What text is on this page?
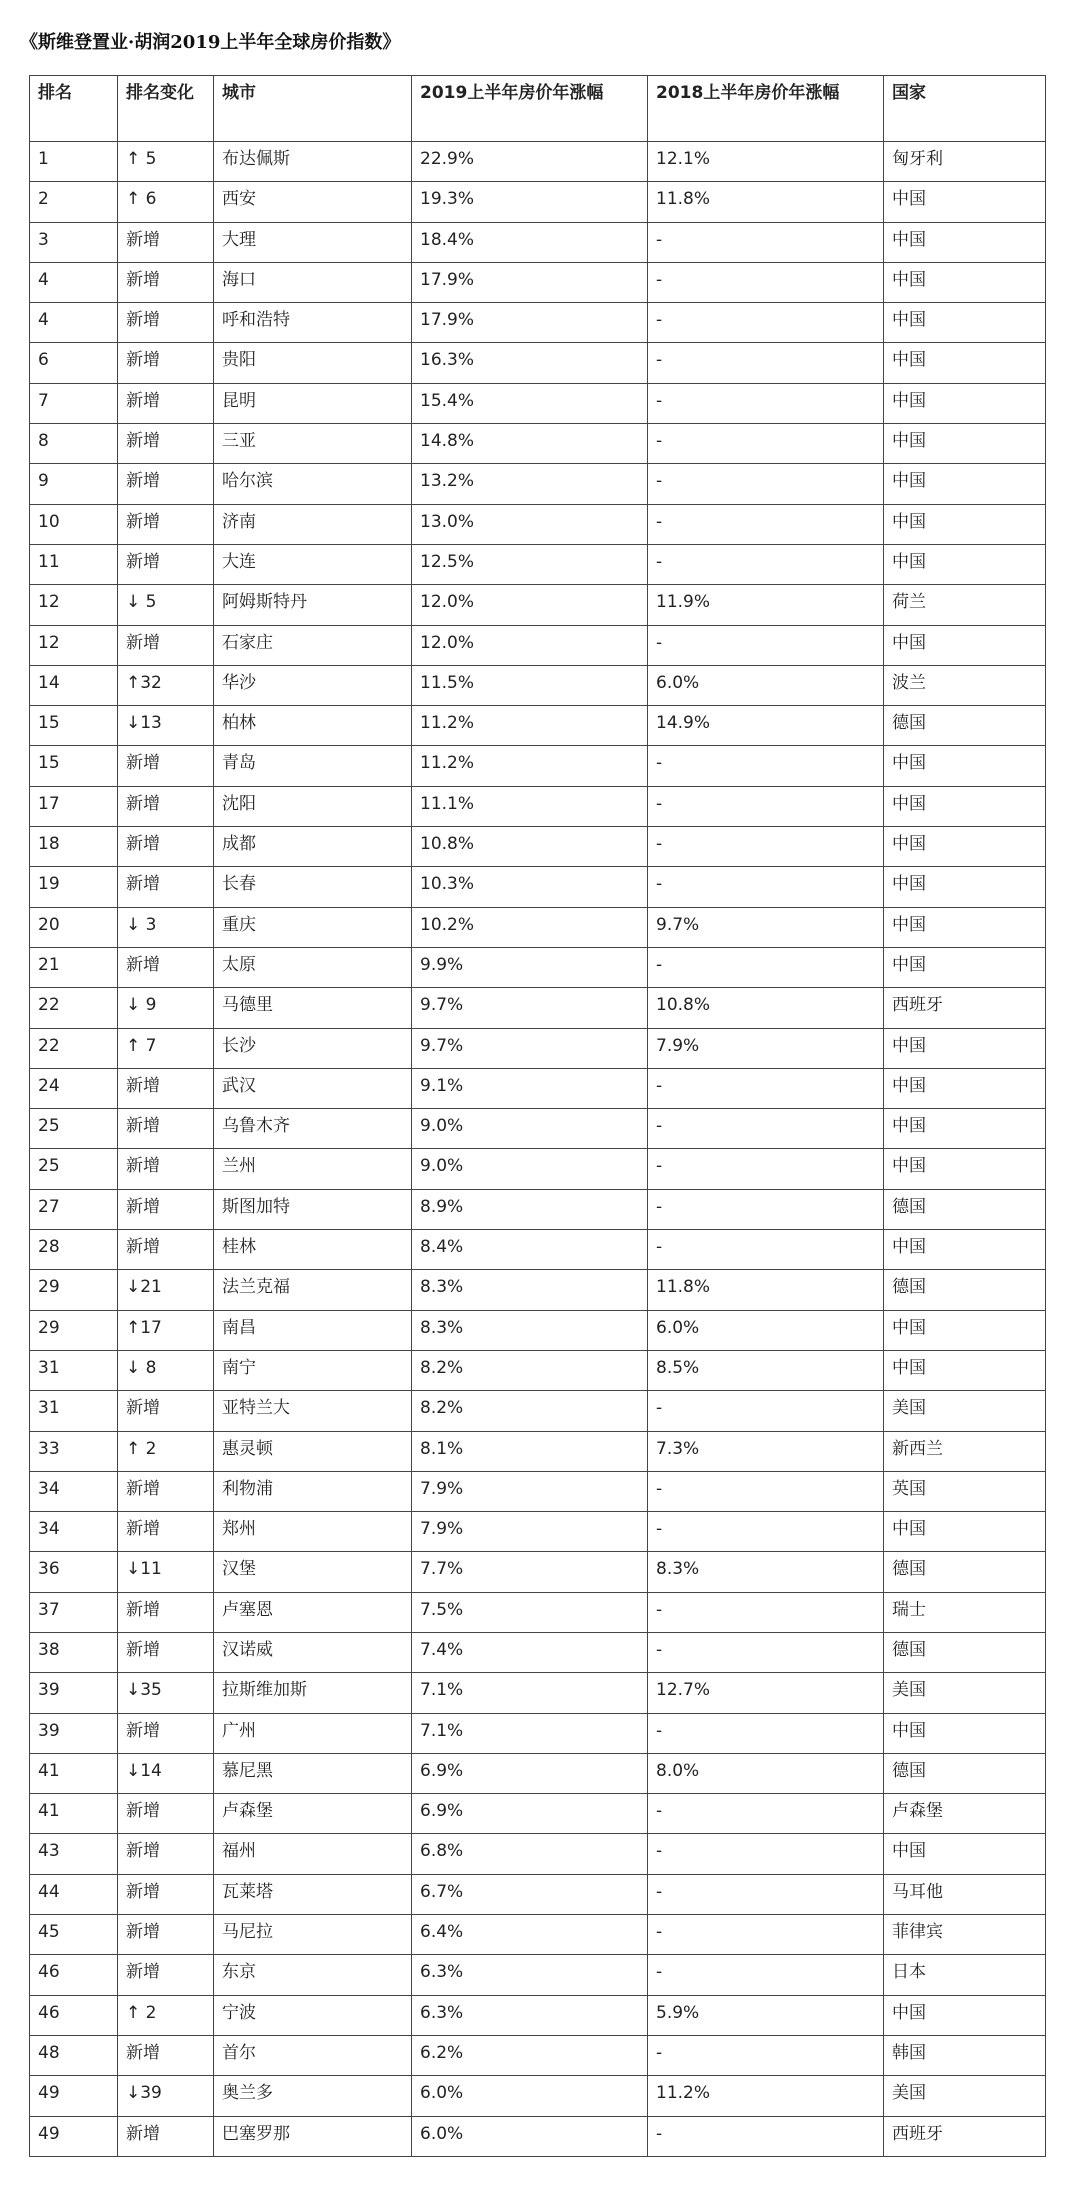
《斯维登置业·胡润2019上半年全球房价指数》
排名	排名变化	城市	2019上半年房价年涨幅	2018上半年房价年涨幅	国家
1	↑ 5	布达佩斯	22.9%	12.1%	匈牙利
2	↑ 6	西安	19.3%	11.8%	中国
3	新增	大理	18.4%	-	中国
4	新增	海口	17.9%	-	中国
4	新增	呼和浩特	17.9%	-	中国
6	新增	贵阳	16.3%	-	中国
7	新增	昆明	15.4%	-	中国
8	新增	三亚	14.8%	-	中国
9	新增	哈尔滨	13.2%	-	中国
10	新增	济南	13.0%	-	中国
11	新增	大连	12.5%	-	中国
12	↓ 5	阿姆斯特丹	12.0%	11.9%	荷兰
12	新增	石家庄	12.0%	-	中国
14	↑32	华沙	11.5%	6.0%	波兰
15	↓13	柏林	11.2%	14.9%	德国
15	新增	青岛	11.2%	-	中国
17	新增	沈阳	11.1%	-	中国
18	新增	成都	10.8%	-	中国
19	新增	长春	10.3%	-	中国
20	↓ 3	重庆	10.2%	9.7%	中国
21	新增	太原	9.9%	-	中国
22	↓ 9	马德里	9.7%	10.8%	西班牙
22	↑ 7	长沙	9.7%	7.9%	中国
24	新增	武汉	9.1%	-	中国
25	新增	乌鲁木齐	9.0%	-	中国
25	新增	兰州	9.0%	-	中国
27	新增	斯图加特	8.9%	-	德国
28	新增	桂林	8.4%	-	中国
29	↓21	法兰克福	8.3%	11.8%	德国
29	↑17	南昌	8.3%	6.0%	中国
31	↓ 8	南宁	8.2%	8.5%	中国
31	新增	亚特兰大	8.2%	-	美国
33	↑ 2	惠灵顿	8.1%	7.3%	新西兰
34	新增	利物浦	7.9%	-	英国
34	新增	郑州	7.9%	-	中国
36	↓11	汉堡	7.7%	8.3%	德国
37	新增	卢塞恩	7.5%	-	瑞士
38	新增	汉诺威	7.4%	-	德国
39	↓35	拉斯维加斯	7.1%	12.7%	美国
39	新增	广州	7.1%	-	中国
41	↓14	慕尼黑	6.9%	8.0%	德国
41	新增	卢森堡	6.9%	-	卢森堡
43	新增	福州	6.8%	-	中国
44	新增	瓦莱塔	6.7%	-	马耳他
45	新增	马尼拉	6.4%	-	菲律宾
46	新增	东京	6.3%	-	日本
46	↑ 2	宁波	6.3%	5.9%	中国
48	新增	首尔	6.2%	-	韩国
49	↓39	奥兰多	6.0%	11.2%	美国
49	新增	巴塞罗那	6.0%	-	西班牙
